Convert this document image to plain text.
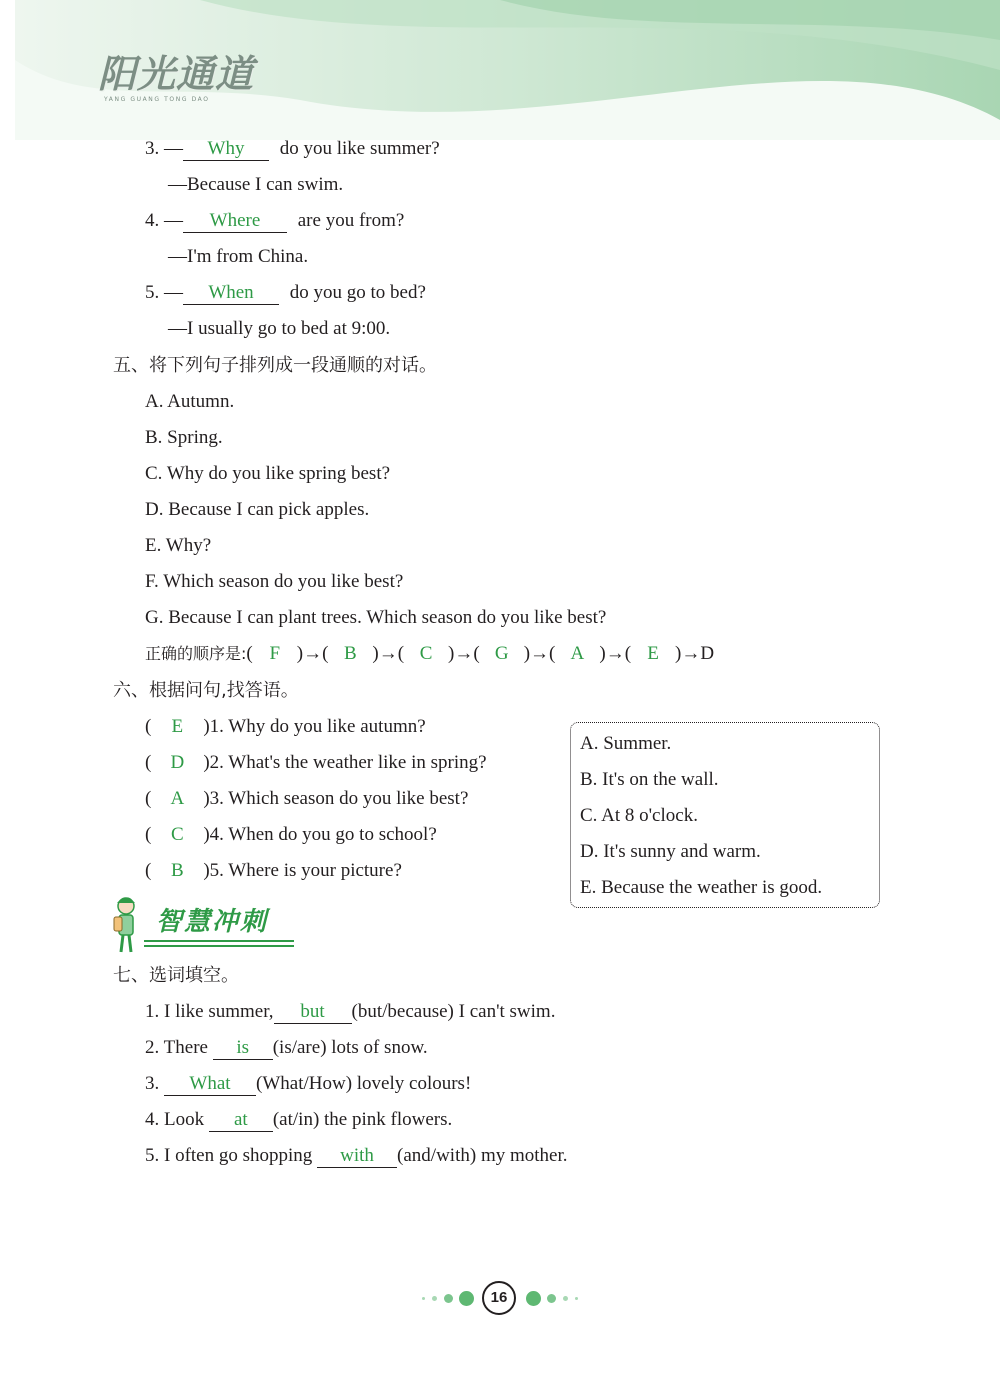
阳光通道
YANG GUANG TONG DAO
3. — Why do you like summer?
—Because I can swim.
4. — Where are you from?
—I'm from China.
5. — When do you go to bed?
—I usually go to bed at 9:00.
五、将下列句子排列成一段通顺的对话。
A. Autumn.
B. Spring.
C. Why do you like spring best?
D. Because I can pick apples.
E. Why?
F. Which season do you like best?
G. Because I can plant trees. Which season do you like best?
正确的顺序是:( F )→( B )→( C )→( G )→( A )→( E )→D
六、根据问句,找答语。
( E )1. Why do you like autumn?
( D )2. What's the weather like in spring?
( A )3. Which season do you like best?
( C )4. When do you go to school?
( B )5. Where is your picture?
A. Summer.
B. It's on the wall.
C. At 8 o'clock.
D. It's sunny and warm.
E. Because the weather is good.
智慧冲刺
七、选词填空。
1. I like summer, but (but/because) I can't swim.
2. There is (is/are) lots of snow.
3. What (What/How) lovely colours!
4. Look at (at/in) the pink flowers.
5. I often go shopping with (and/with) my mother.
16
